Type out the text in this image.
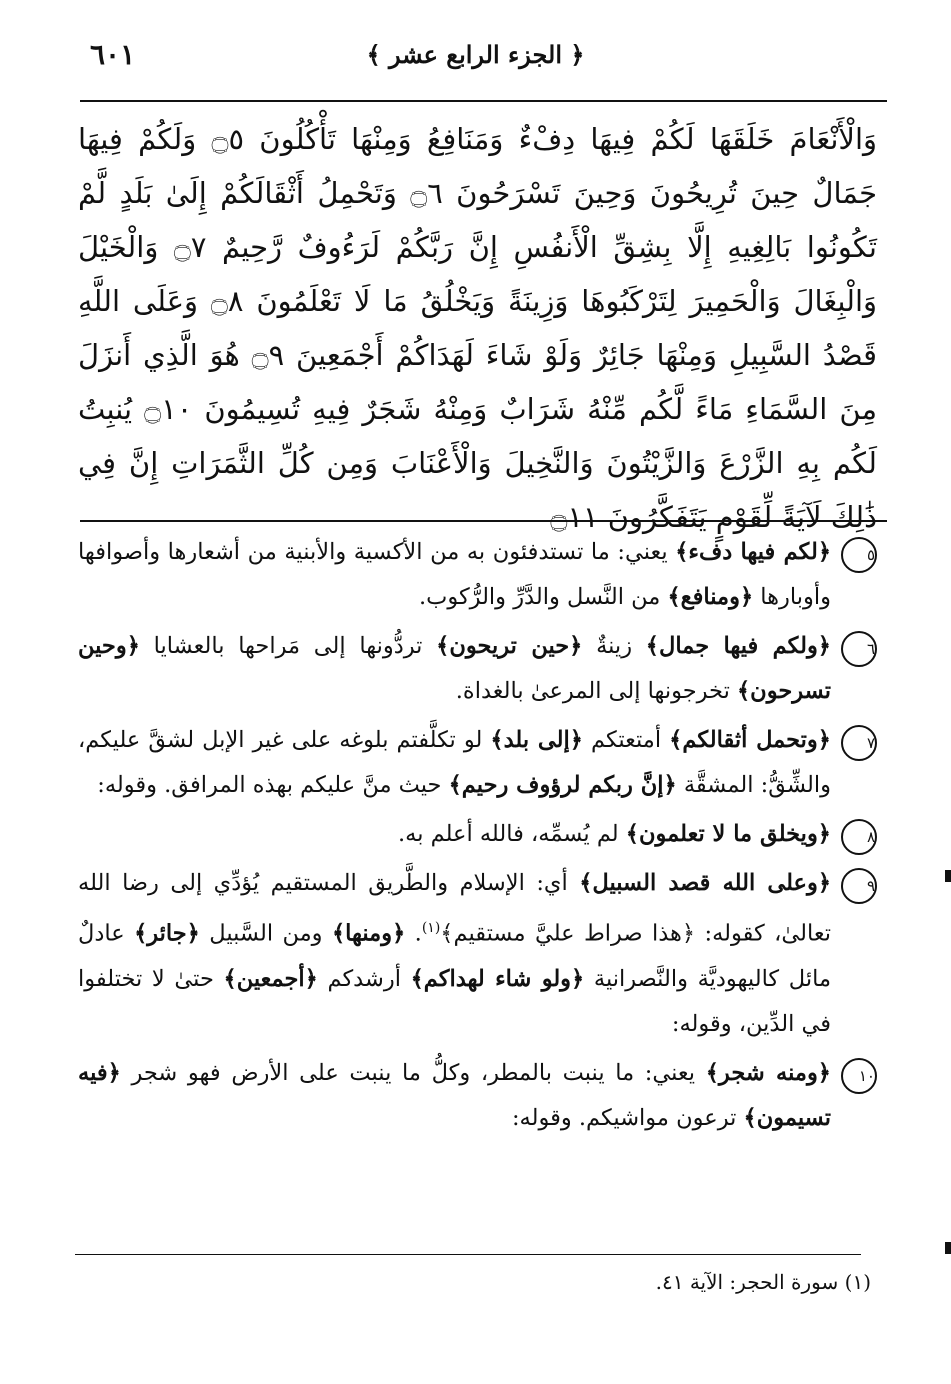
٦٠١	﴿ الجزء الرابع عشر ﴾
وَالْأَنْعَامَ خَلَقَهَا لَكُمْ فِيهَا دِفْءٌ وَمَنَافِعُ وَمِنْهَا تَأْكُلُونَ ۝٥ وَلَكُمْ فِيهَا جَمَالٌ حِينَ تُرِيحُونَ وَحِينَ تَسْرَحُونَ ۝٦ وَتَحْمِلُ أَثْقَالَكُمْ إِلَىٰ بَلَدٍ لَّمْ تَكُونُوا بَالِغِيهِ إِلَّا بِشِقِّ الْأَنفُسِ إِنَّ رَبَّكُمْ لَرَءُوفٌ رَّحِيمٌ ۝٧ وَالْخَيْلَ وَالْبِغَالَ وَالْحَمِيرَ لِتَرْكَبُوهَا وَزِينَةً وَيَخْلُقُ مَا لَا تَعْلَمُونَ ۝٨ وَعَلَى اللَّهِ قَصْدُ السَّبِيلِ وَمِنْهَا جَائِرٌ وَلَوْ شَاءَ لَهَدَاكُمْ أَجْمَعِينَ ۝٩ هُوَ الَّذِي أَنزَلَ مِنَ السَّمَاءِ مَاءً لَّكُم مِّنْهُ شَرَابٌ وَمِنْهُ شَجَرٌ فِيهِ تُسِيمُونَ ۝١٠ يُنبِتُ لَكُم بِهِ الزَّرْعَ وَالزَّيْتُونَ وَالنَّخِيلَ وَالْأَعْنَابَ وَمِن كُلِّ الثَّمَرَاتِ إِنَّ فِي ذَٰلِكَ لَآيَةً لِّقَوْمٍ يَتَفَكَّرُونَ ۝١١
٥
﴿لكم فيها دفء﴾ يعني: ما تستدفئون به من الأكسية والأبنية من أشعارها وأصوافها وأوبارها ﴿ومنافع﴾ من النَّسل والدَّرِّ والرُّكوب.
٦
﴿ولكم فيها جمال﴾ زينةٌ ﴿حين تريحون﴾ تردُّونها إلى مَراحها بالعشايا ﴿وحين تسرحون﴾ تخرجونها إلى المرعىٰ بالغداة.
٧
﴿وتحمل أثقالكم﴾ أمتعتكم ﴿إلى بلد﴾ لو تكلَّفتم بلوغه على غير الإبل لشقَّ عليكم، والشِّقُّ: المشقَّة ﴿إنَّ ربكم لرؤوف رحيم﴾ حيث منَّ عليكم بهذه المرافق. وقوله:
٨
﴿ويخلق ما لا تعلمون﴾ لم يُسمِّه، فالله أعلم به.
٩
﴿وعلى الله قصد السبيل﴾ أي: الإسلام والطَّريق المستقيم يُؤدِّي إلى رضا الله تعالىٰ، كقوله: ﴿هذا صراط عليَّ مستقيم﴾$^{(١)}$. ﴿ومنها﴾ ومن السَّبيل ﴿جائر﴾ عادلٌ مائل كاليهوديَّة والنَّصرانية ﴿ولو شاء لهداكم﴾ أرشدكم ﴿أجمعين﴾ حتىٰ لا تختلفوا في الدِّين، وقوله:
١٠
﴿ومنه شجر﴾ يعني: ما ينبت بالمطر، وكلُّ ما ينبت على الأرض فهو شجر ﴿فيه تسيمون﴾ ترعون مواشيكم. وقوله:
(١) سورة الحجر: الآية ٤١.
